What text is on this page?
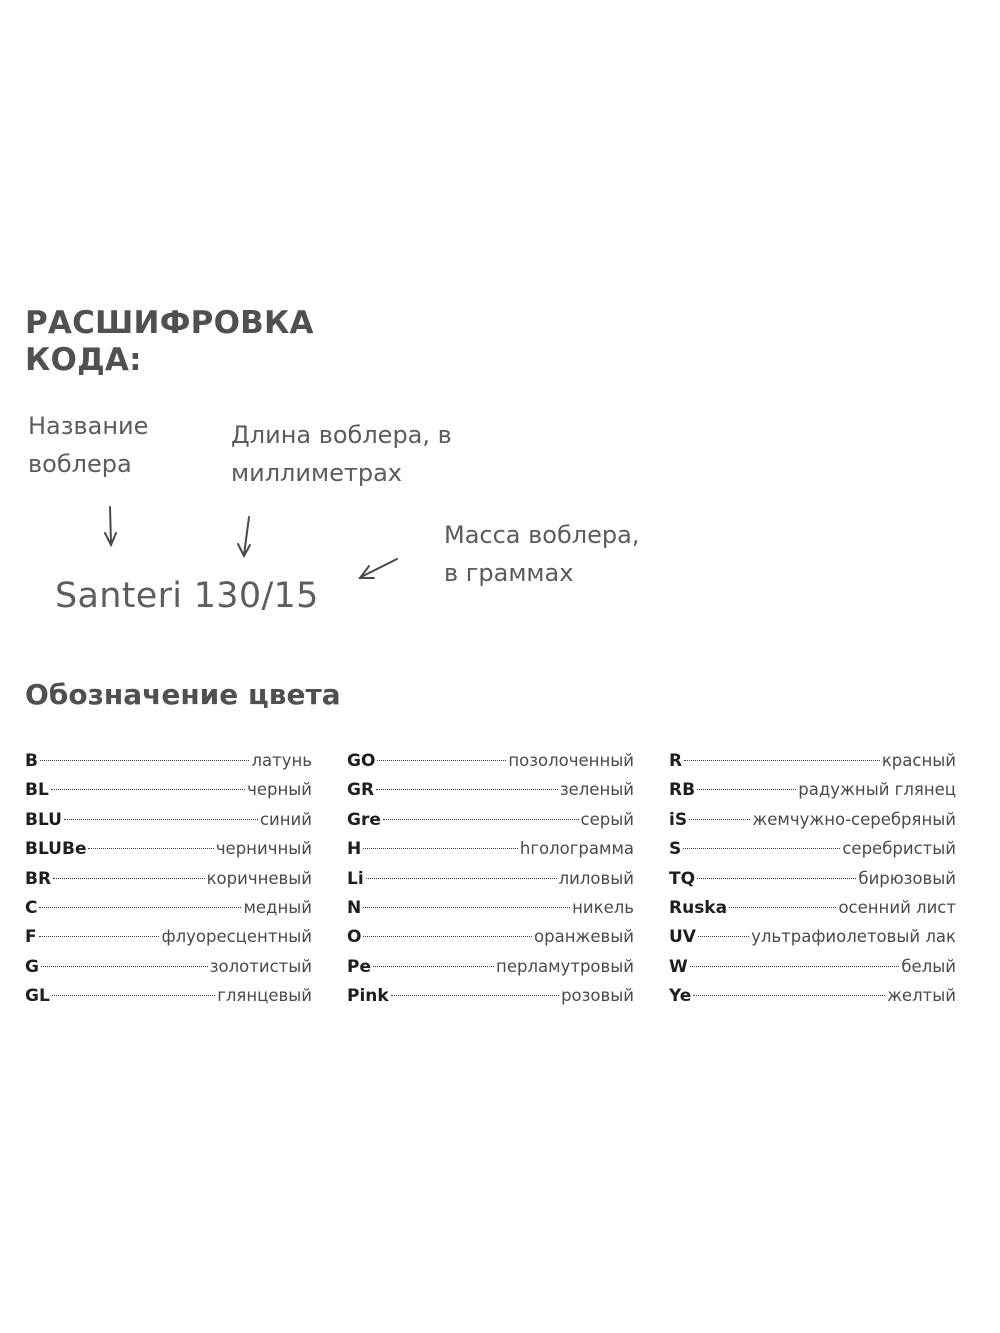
РАСШИФРОВКА
КОДА:
Название
воблера
Длина воблера, в
миллиметрах
Масса воблера,
в граммах
Santeri 130/15
Обозначение цвета
B	латунь
BL	черный
BLU	синий
BLUBe	черничный
BR	коричневый
C	медный
F	флуоресцентный
G	золотистый
GL	глянцевый
GO	позолоченный
GR	зеленый
Gre	серый
H	hголограмма
Li	лиловый
N	никель
O	оранжевый
Pe	перламутровый
Pink	розовый
R	красный
RB	радужный глянец
iS	жемчужно-серебряный
S	серебристый
TQ	бирюзовый
Ruska	осенний лист
UV	ультрафиолетовый лак
W	белый
Ye	желтый
